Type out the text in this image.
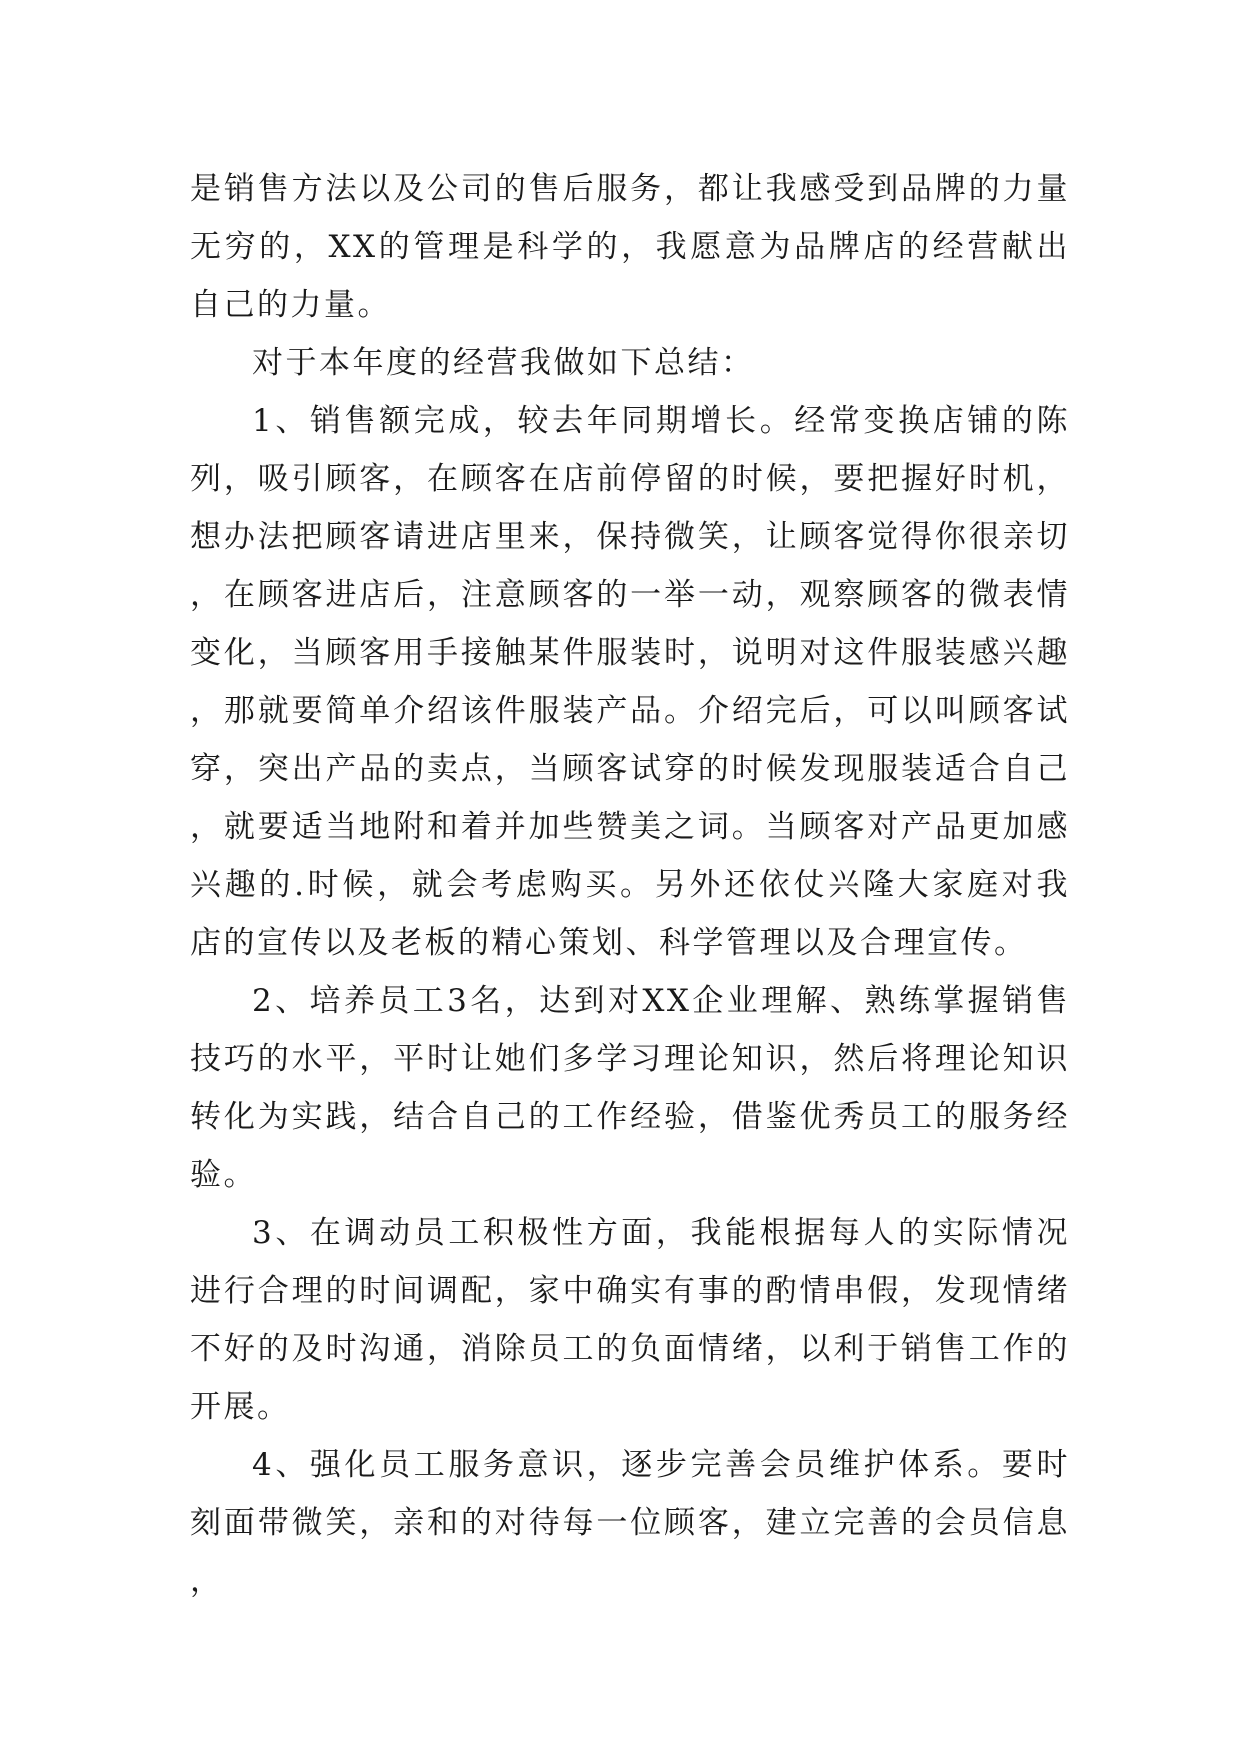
是销售方法以及公司的售后服务，都让我感受到品牌的力量无穷的，XX的管理是科学的，我愿意为品牌店的经营献出自己的力量。

对于本年度的经营我做如下总结：

1、销售额完成，较去年同期增长。经常变换店铺的陈列，吸引顾客，在顾客在店前停留的时候，要把握好时机，想办法把顾客请进店里来，保持微笑，让顾客觉得你很亲切，在顾客进店后，注意顾客的一举一动，观察顾客的微表情变化，当顾客用手接触某件服装时，说明对这件服装感兴趣，那就要简单介绍该件服装产品。介绍完后，可以叫顾客试穿，突出产品的卖点，当顾客试穿的时候发现服装适合自己，就要适当地附和着并加些赞美之词。当顾客对产品更加感兴趣的.时候，就会考虑购买。另外还依仗兴隆大家庭对我店的宣传以及老板的精心策划、科学管理以及合理宣传。

2、培养员工3名，达到对XX企业理解、熟练掌握销售技巧的水平，平时让她们多学习理论知识，然后将理论知识转化为实践，结合自己的工作经验，借鉴优秀员工的服务经验。

3、在调动员工积极性方面，我能根据每人的实际情况进行合理的时间调配，家中确实有事的酌情串假，发现情绪不好的及时沟通，消除员工的负面情绪，以利于销售工作的开展。

4、强化员工服务意识，逐步完善会员维护体系。要时刻面带微笑，亲和的对待每一位顾客，建立完善的会员信息，
